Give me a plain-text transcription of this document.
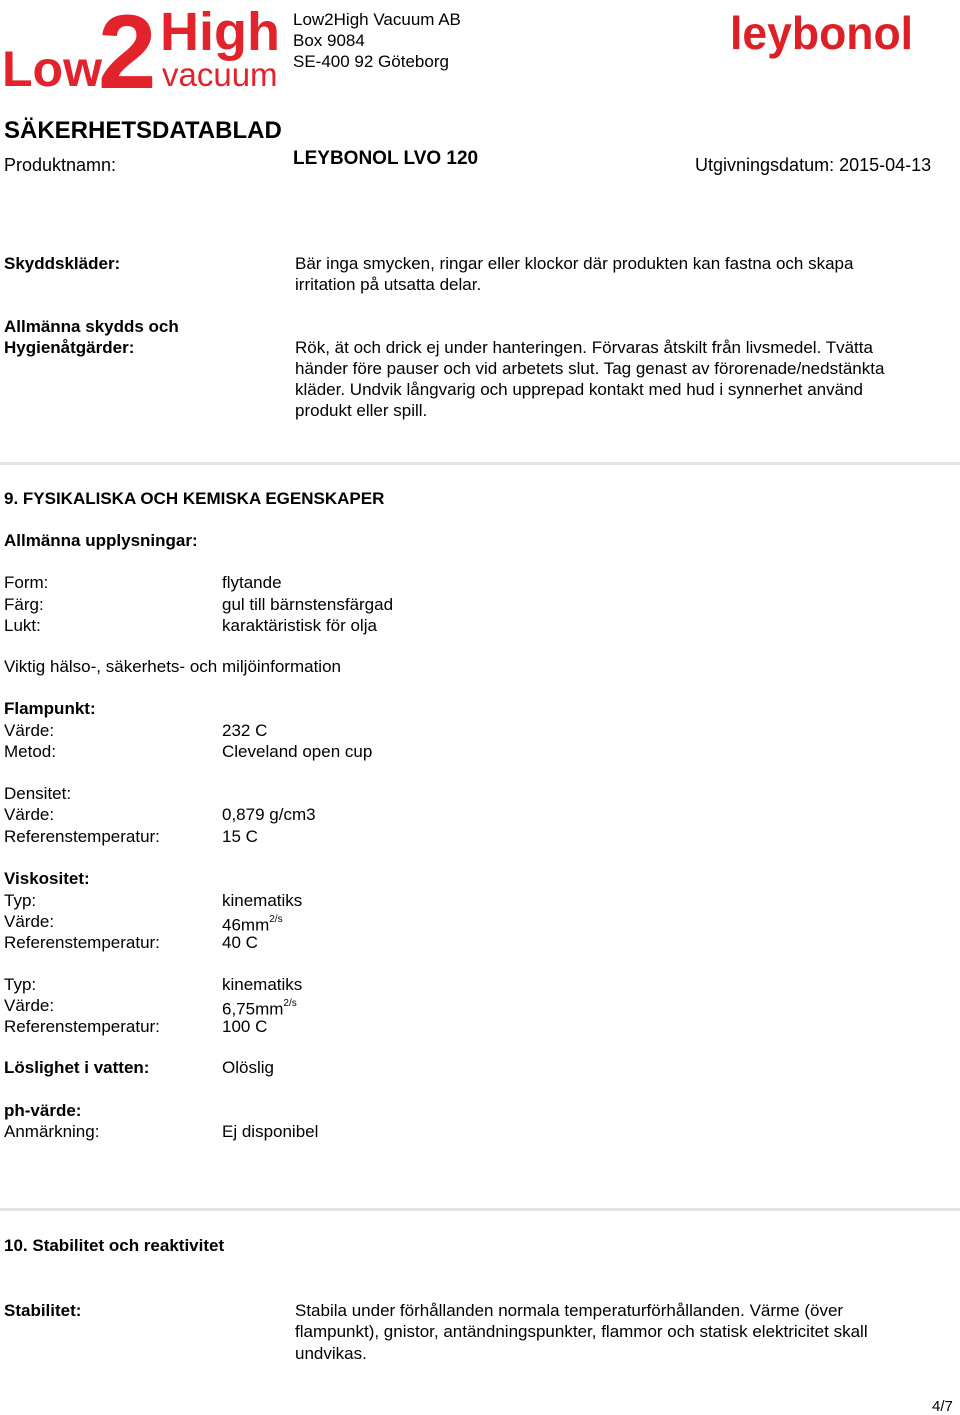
Low
2 High
vacuum
Low2High Vacuum AB
Box 9084
SE-400 92 Göteborg
leybonol
SÄKERHETSDATABLAD
Produktnamn:	LEYBONOL LVO 120	Utgivningsdatum: 2015-04-13
Skyddskläder:	Bär inga smycken, ringar eller klockor där produkten kan fastna och skapa
irritation på utsatta delar.
Allmänna skydds och
Hygienåtgärder:	Rök, ät och drick ej under hanteringen. Förvaras åtskilt från livsmedel. Tvätta
händer före pauser och vid arbetets slut. Tag genast av förorenade/nedstänkta
kläder. Undvik långvarig och upprepad kontakt med hud i synnerhet använd
produkt eller spill.
9. FYSIKALISKA OCH KEMISKA EGENSKAPER
Allmänna upplysningar:
Form:	flytande
Färg:	gul till bärnstensfärgad
Lukt:	karaktäristisk för olja
Viktig hälso-, säkerhets- och miljöinformation
Flampunkt:
Värde:	232 C
Metod:	Cleveland open cup
Densitet:
Värde:	0,879 g/cm3
Referenstemperatur:	15 C
Viskositet:
Typ:	kinematiks
Värde:	$46mm^{2/s}$
Referenstemperatur:	40 C
Typ:	kinematiks
Värde:	$6,75mm^{2/s}$
Referenstemperatur:	100 C
Löslighet i vatten:	Olöslig
ph-värde:
Anmärkning:	Ej disponibel
10. Stabilitet och reaktivitet
Stabilitet:	Stabila under förhållanden normala temperaturförhållanden. Värme (över
flampunkt), gnistor, antändningspunkter, flammor och statisk elektricitet skall
undvikas.
4/7
